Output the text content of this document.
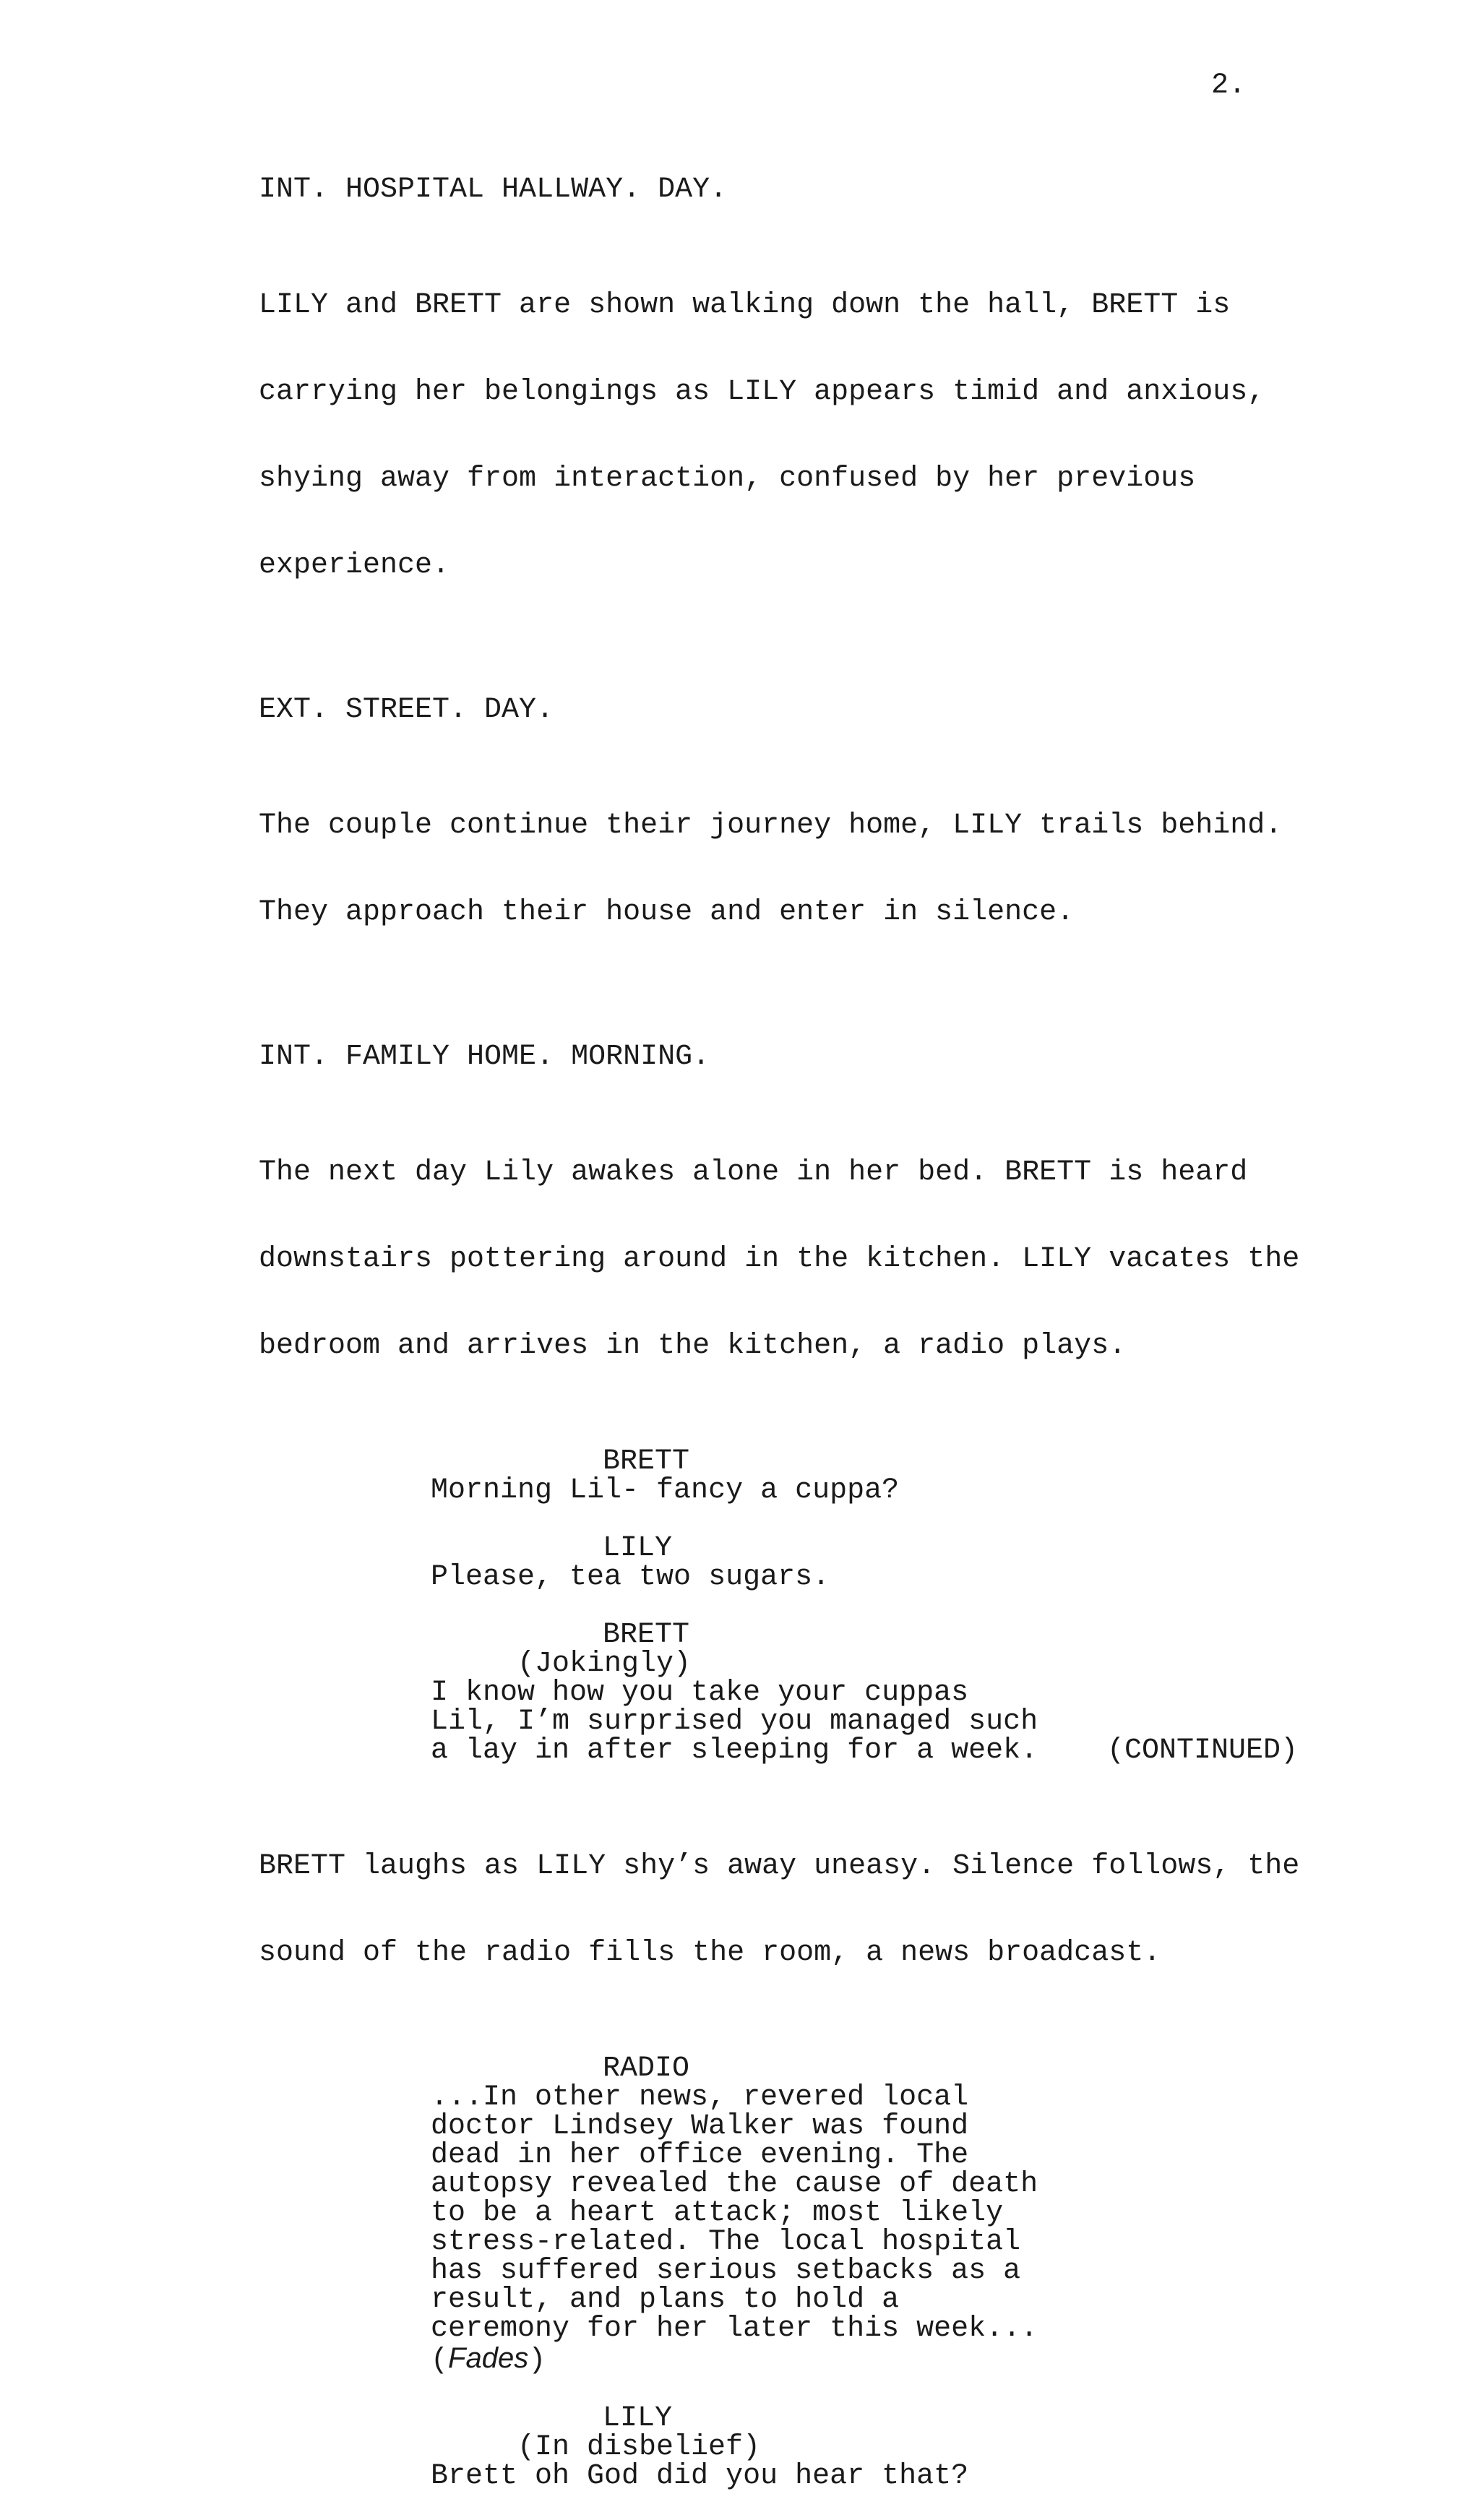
2.
INT. HOSPITAL HALLWAY. DAY.

LILY and BRETT are shown walking down the hall, BRETT is

carrying her belongings as LILY appears timid and anxious,

shying away from interaction, confused by her previous

experience.

EXT. STREET. DAY.

The couple continue their journey home, LILY trails behind.

They approach their house and enter in silence.

INT. FAMILY HOME. MORNING.

The next day Lily awakes alone in her bed. BRETT is heard

downstairs pottering around in the kitchen. LILY vacates the

bedroom and arrives in the kitchen, a radio plays.

BRETT
Morning Lil- fancy a cuppa?
LILY
Please, tea two sugars.
BRETT
(Jokingly)
I know how you take your cuppas
Lil, I’m surprised you managed such
a lay in after sleeping for a week.

BRETT laughs as LILY shy’s away uneasy. Silence follows, the

sound of the radio fills the room, a news broadcast.

RADIO
...In other news, revered local
doctor Lindsey Walker was found
dead in her office evening. The
autopsy revealed the cause of death
to be a heart attack; most likely
stress-related. The local hospital
has suffered serious setbacks as a
result, and plans to hold a
ceremony for her later this week...
(Fades)
LILY
(In disbelief)
Brett oh God did you hear that?
(CONTINUED)
